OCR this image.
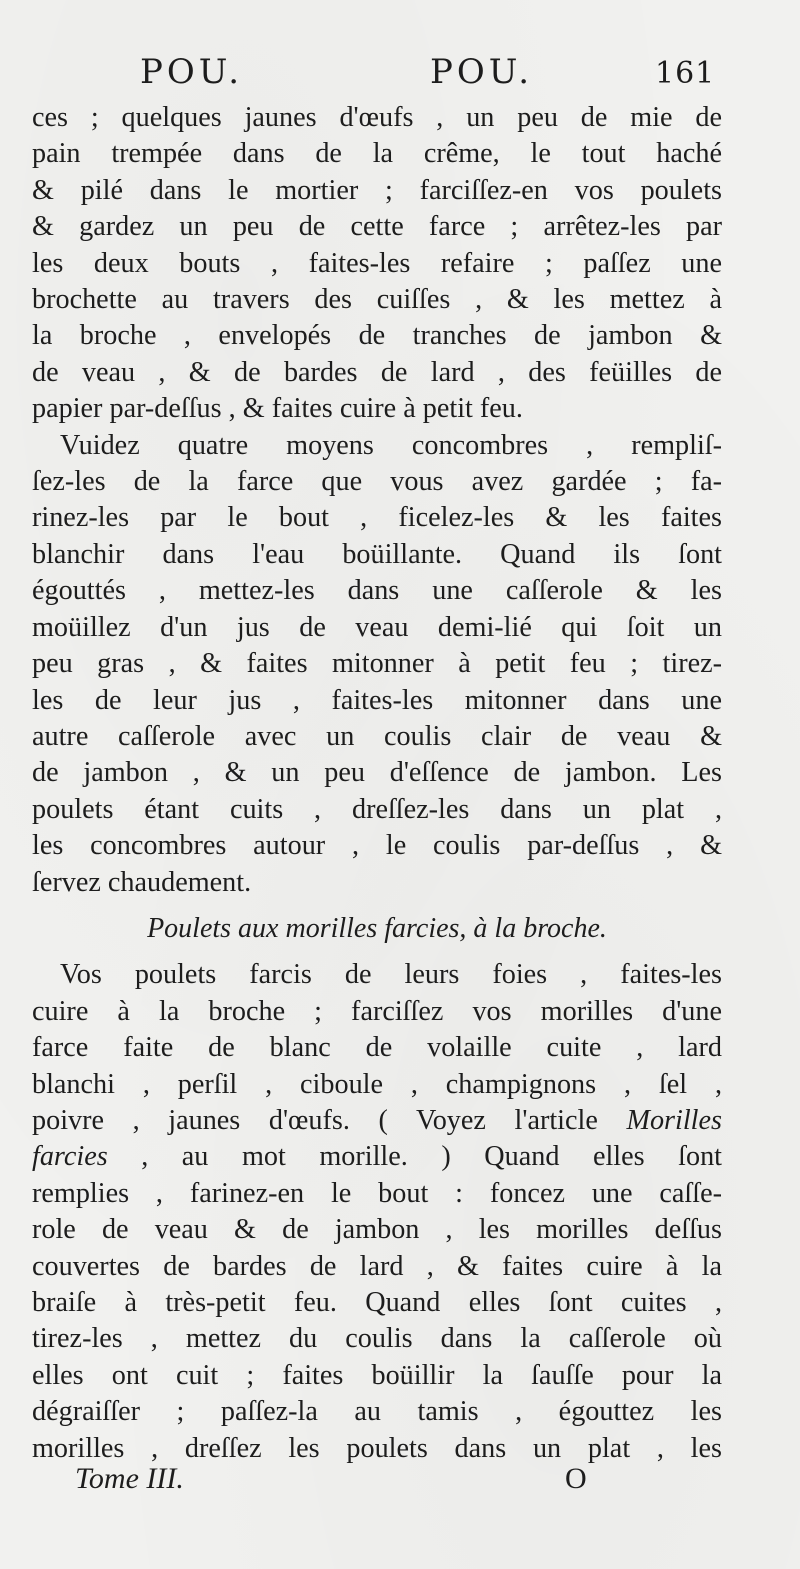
POU.	POU.	161
ces ; quelques jaunes d'œufs , un peu de mie de
pain trempée dans de la crême, le tout haché
& pilé dans le mortier ; farciſſez-en vos poulets
& gardez un peu de cette farce ; arrêtez-les par
les deux bouts , faites-les refaire ; paſſez une
brochette au travers des cuiſſes , & les mettez à
la broche , envelopés de tranches de jambon &
de veau , & de bardes de lard , des feüilles de
papier par-deſſus , & faites cuire à petit feu.
Vuidez quatre moyens concombres , rempliſ-
ſez-les de la farce que vous avez gardée ; fa-
rinez-les par le bout , ficelez-les & les faites
blanchir dans l'eau boüillante. Quand ils ſont
égouttés , mettez-les dans une caſſerole & les
moüillez d'un jus de veau demi-lié qui ſoit un
peu gras , & faites mitonner à petit feu ; tirez-
les de leur jus , faites-les mitonner dans une
autre caſſerole avec un coulis clair de veau &
de jambon , & un peu d'eſſence de jambon. Les
poulets étant cuits , dreſſez-les dans un plat ,
les concombres autour , le coulis par-deſſus , &
ſervez chaudement.
Poulets aux morilles farcies, à la broche.
Vos poulets farcis de leurs foies , faites-les
cuire à la broche ; farciſſez vos morilles d'une
farce faite de blanc de volaille cuite , lard
blanchi , perſil , ciboule , champignons , ſel ,
poivre , jaunes d'œufs. ( Voyez l'article Morilles
farcies , au mot morille. ) Quand elles ſont
remplies , farinez-en le bout : foncez une caſſe-
role de veau & de jambon , les morilles deſſus
couvertes de bardes de lard , & faites cuire à la
braiſe à très-petit feu. Quand elles ſont cuites ,
tirez-les , mettez du coulis dans la caſſerole où
elles ont cuit ; faites boüillir la ſauſſe pour la
dégraiſſer ; paſſez-la au tamis , égouttez les
morilles , dreſſez les poulets dans un plat , les
Tome III.	O
